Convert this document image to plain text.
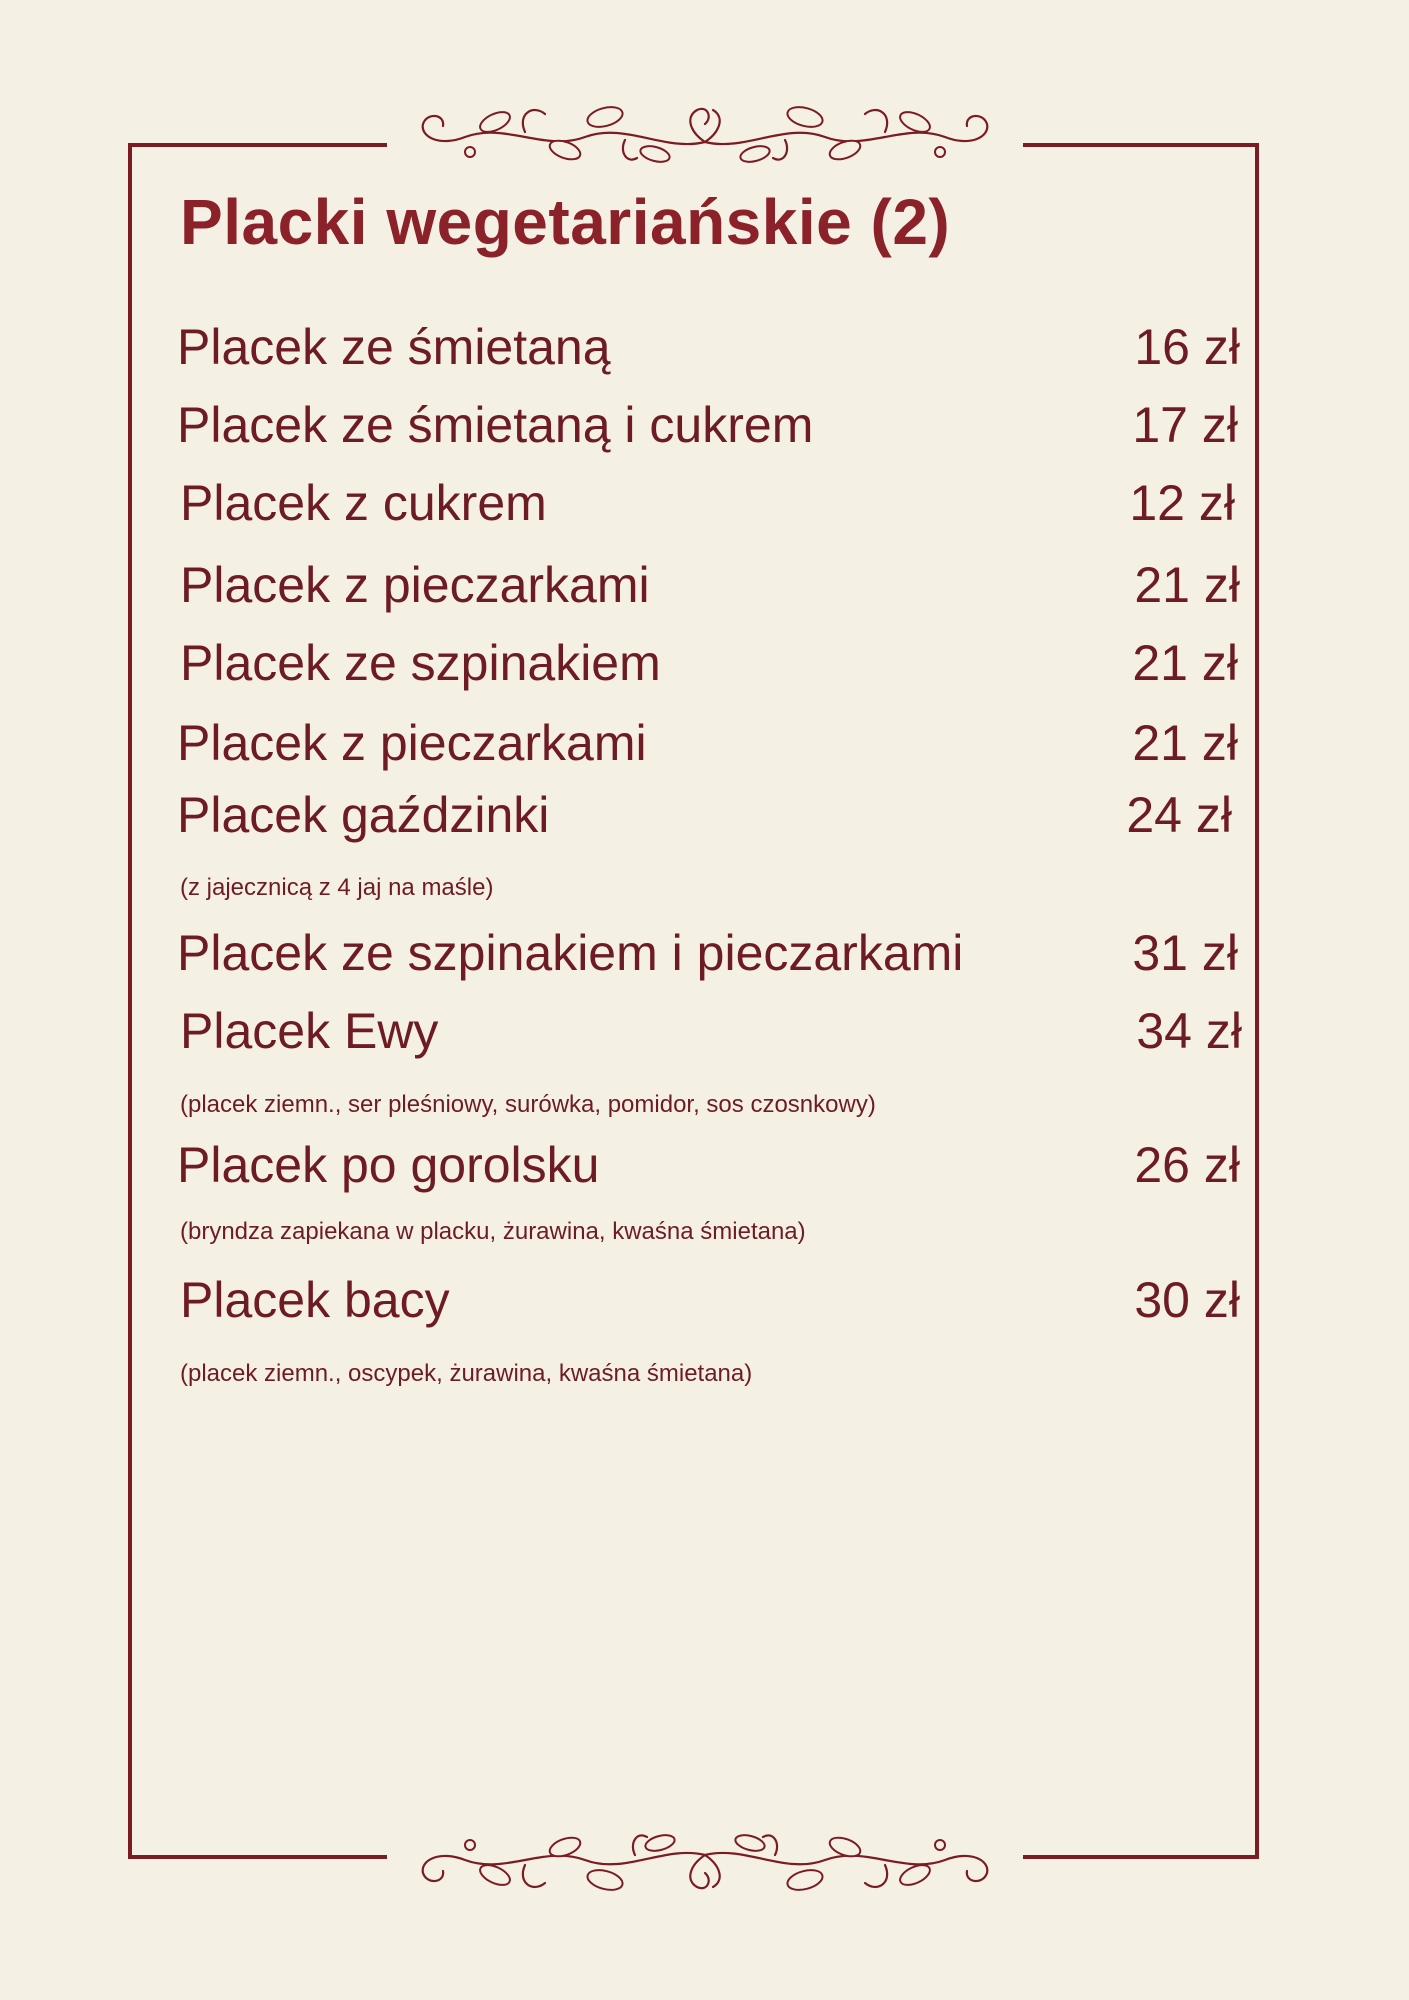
Placki wegetariańskie (2)
Placek ze śmietaną	16 zł
Placek ze śmietaną i cukrem	17 zł
Placek z cukrem	12 zł
Placek z pieczarkami	21 zł
Placek ze szpinakiem	21 zł
Placek z pieczarkami	21 zł
Placek gaździnki	24 zł
(z jajecznicą z 4 jaj na maśle)
Placek ze szpinakiem i pieczarkami	31 zł
Placek Ewy	34 zł
(placek ziemn., ser pleśniowy, surówka, pomidor, sos czosnkowy)
Placek po gorolsku	26 zł
(bryndza zapiekana w placku, żurawina, kwaśna śmietana)
Placek bacy	30 zł
(placek ziemn., oscypek, żurawina, kwaśna śmietana)
